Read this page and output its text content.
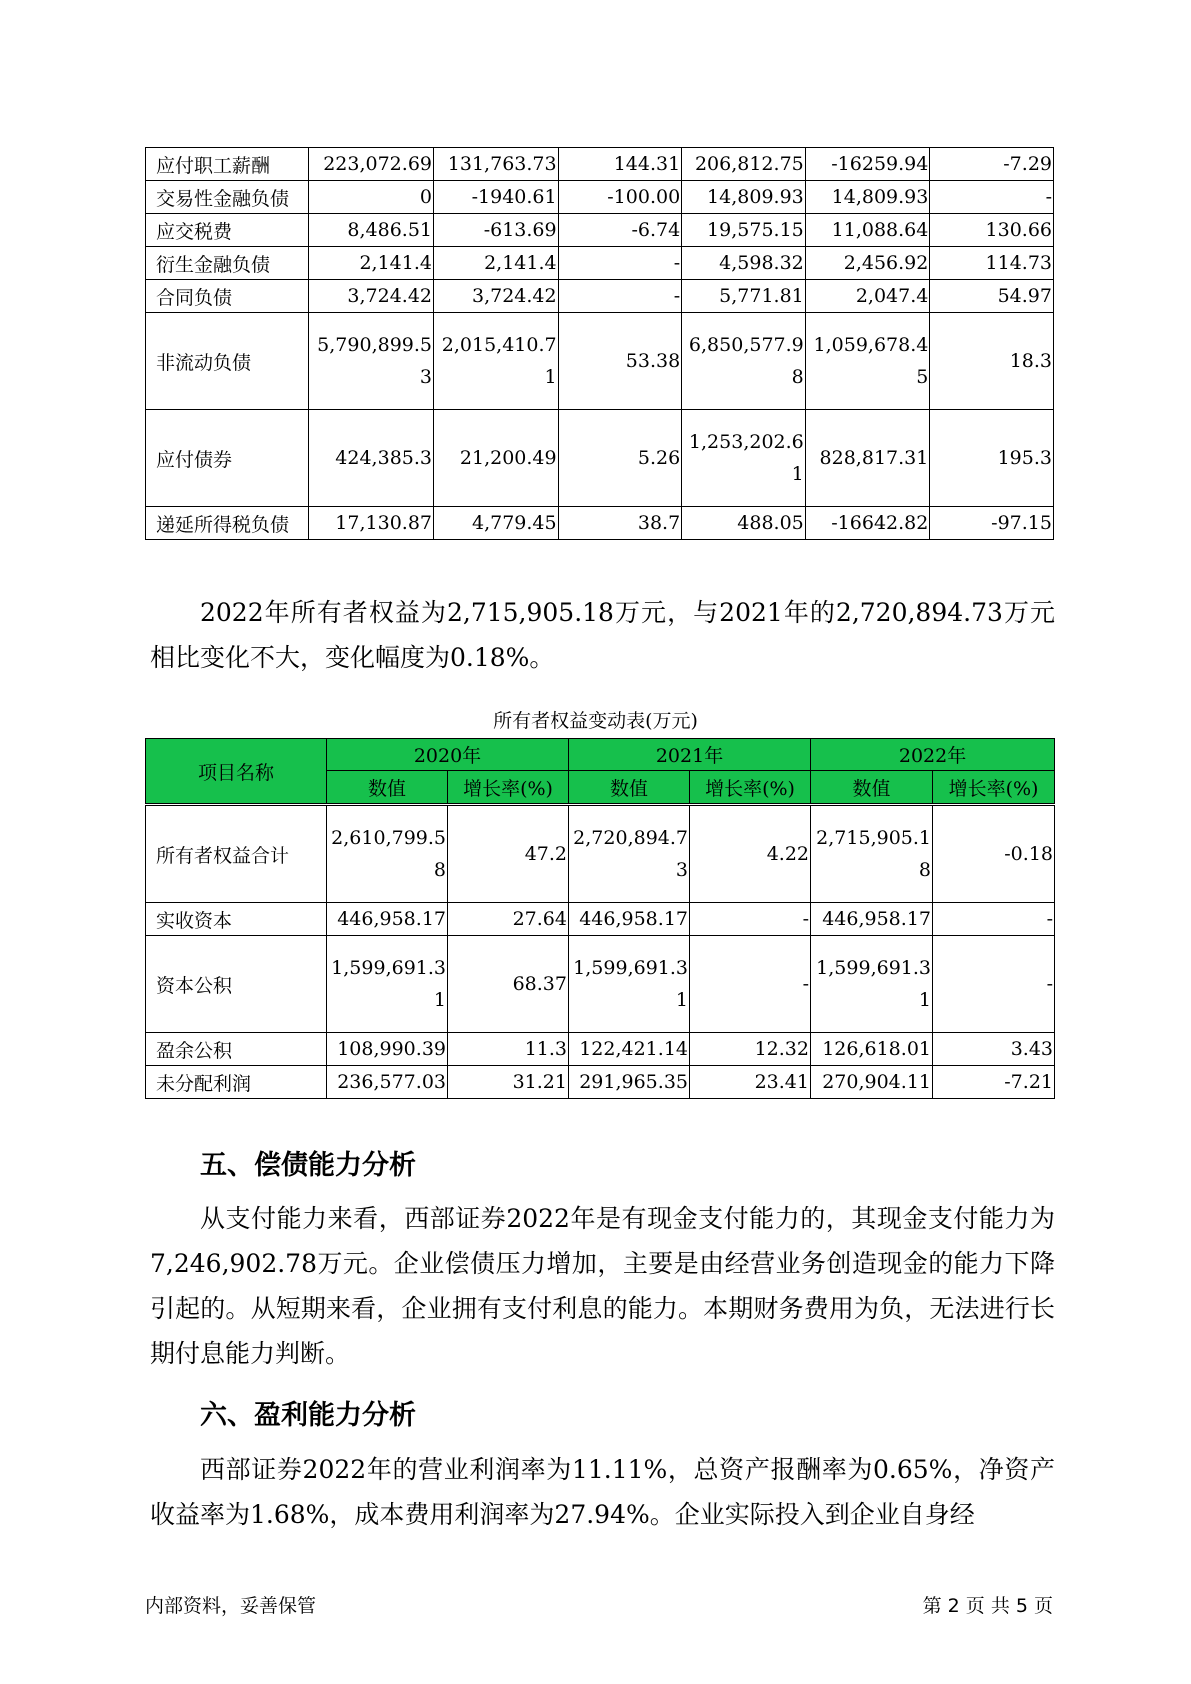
应付职工薪酬	223,072.69	131,763.73	144.31	206,812.75	-16259.94	-7.29
交易性金融负债	0	-1940.61	-100.00	14,809.93	14,809.93	-
应交税费	8,486.51	-613.69	-6.74	19,575.15	11,088.64	130.66
衍生金融负债	2,141.4	2,141.4	-	4,598.32	2,456.92	114.73
合同负债	3,724.42	3,724.42	-	5,771.81	2,047.4	54.97
非流动负债	5,790,899.53	2,015,410.71	53.38	6,850,577.98	1,059,678.45	18.3
应付债券	424,385.3	21,200.49	5.26	1,253,202.61	828,817.31	195.3
递延所得税负债	17,130.87	4,779.45	38.7	488.05	-16642.82	-97.15

2022年所有者权益为2,715,905.18万元，与2021年的2,720,894.73万元相比变化不大，变化幅度为0.18%。

所有者权益变动表(万元)
项目名称	2020年		2021年		2022年	
	数值	增长率(%)	数值	增长率(%)	数值	增长率(%)
所有者权益合计	2,610,799.58	47.2	2,720,894.73	4.22	2,715,905.18	-0.18
实收资本	446,958.17	27.64	446,958.17	-	446,958.17	-
资本公积	1,599,691.31	68.37	1,599,691.31	-	1,599,691.31	-
盈余公积	108,990.39	11.3	122,421.14	12.32	126,618.01	3.43
未分配利润	236,577.03	31.21	291,965.35	23.41	270,904.11	-7.21
五、偿债能力分析

从支付能力来看，西部证券2022年是有现金支付能力的，其现金支付能力为7,246,902.78万元。企业偿债压力增加，主要是由经营业务创造现金的能力下降引起的。从短期来看，企业拥有支付利息的能力。本期财务费用为负，无法进行长期付息能力判断。

六、盈利能力分析

西部证券2022年的营业利润率为11.11%，总资产报酬率为0.65%，净资产收益率为1.68%，成本费用利润率为27.94%。企业实际投入到企业自身经

内部资料，妥善保管	第 2 页 共 5 页
